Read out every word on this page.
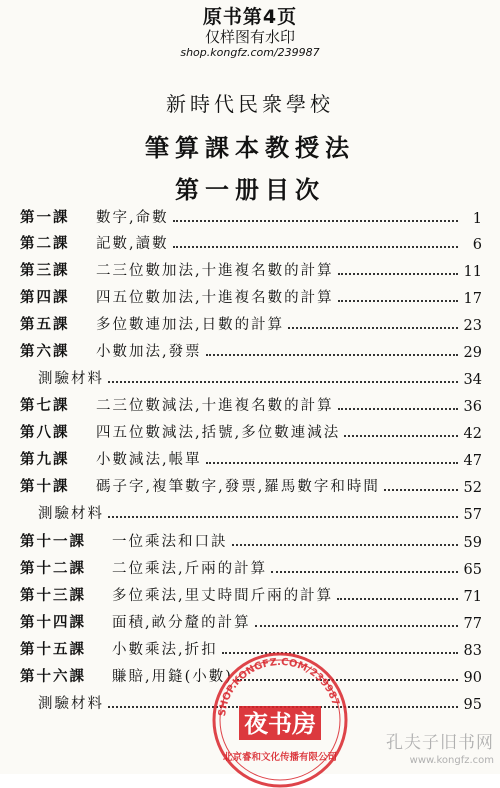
原书第4页
仅样图有水印
shop.kongfz.com/239987
新時代民衆學校
筆算課本教授法
第一册目次
第一課	數字,命數	1
第二課	記數,讀數	6
第三課	二三位數加法,十進複名數的計算	11
第四課	四五位數加法,十進複名數的計算	17
第五課	多位數連加法,日數的計算	23
第六課	小數加法,發票	29
測驗材料	34
第七課	二三位數減法,十進複名數的計算	36
第八課	四五位數減法,括號,多位數連減法	42
第九課	小數減法,帳單	47
第十課	碼子字,複筆數字,發票,羅馬數字和時間	52
測驗材料	57
第十一課	一位乘法和口訣	59
第十二課	二位乘法,斤兩的計算	65
第十三課	多位乘法,里丈時間斤兩的計算	71
第十四課	面積,畝分釐的計算	77
第十五課	小數乘法,折扣	83
第十六課	賺賠,用鏠(小數)	90
測驗材料	95
SHOP.KONGFZ.COM/239987
夜书房
北京睿和文化传播有限公司
孔夫子旧书网
www.kongfz.com
